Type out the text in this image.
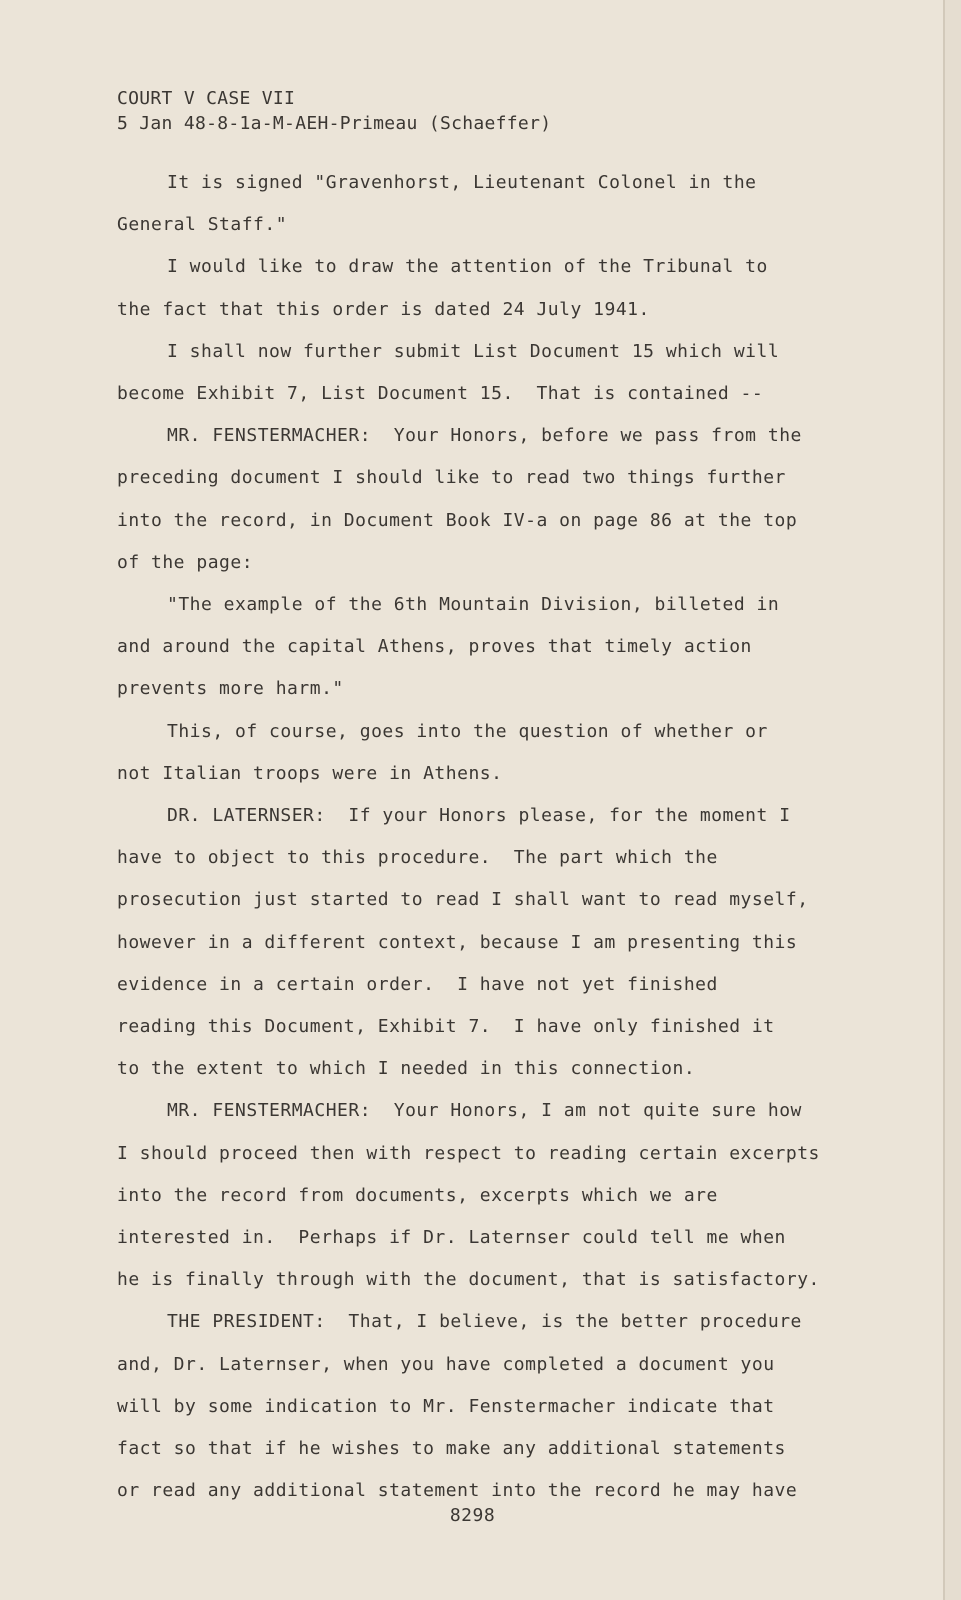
COURT V CASE VII
5 Jan 48-8-1a-M-AEH-Primeau (Schaeffer)

It is signed "Gravenhorst, Lieutenant Colonel in the

General Staff."

I would like to draw the attention of the Tribunal to

the fact that this order is dated 24 July 1941.

I shall now further submit List Document 15 which will

become Exhibit 7, List Document 15.  That is contained --

MR. FENSTERMACHER:  Your Honors, before we pass from the

preceding document I should like to read two things further

into the record, in Document Book IV-a on page 86 at the top

of the page:

"The example of the 6th Mountain Division, billeted in

and around the capital Athens, proves that timely action

prevents more harm."

This, of course, goes into the question of whether or

not Italian troops were in Athens.

DR. LATERNSER:  If your Honors please, for the moment I

have to object to this procedure.  The part which the

prosecution just started to read I shall want to read myself,

however in a different context, because I am presenting this

evidence in a certain order.  I have not yet finished

reading this Document, Exhibit 7.  I have only finished it

to the extent to which I needed in this connection.

MR. FENSTERMACHER:  Your Honors, I am not quite sure how

I should proceed then with respect to reading certain excerpts

into the record from documents, excerpts which we are

interested in.  Perhaps if Dr. Laternser could tell me when

he is finally through with the document, that is satisfactory.

THE PRESIDENT:  That, I believe, is the better procedure

and, Dr. Laternser, when you have completed a document you

will by some indication to Mr. Fenstermacher indicate that

fact so that if he wishes to make any additional statements

or read any additional statement into the record he may have

8298
